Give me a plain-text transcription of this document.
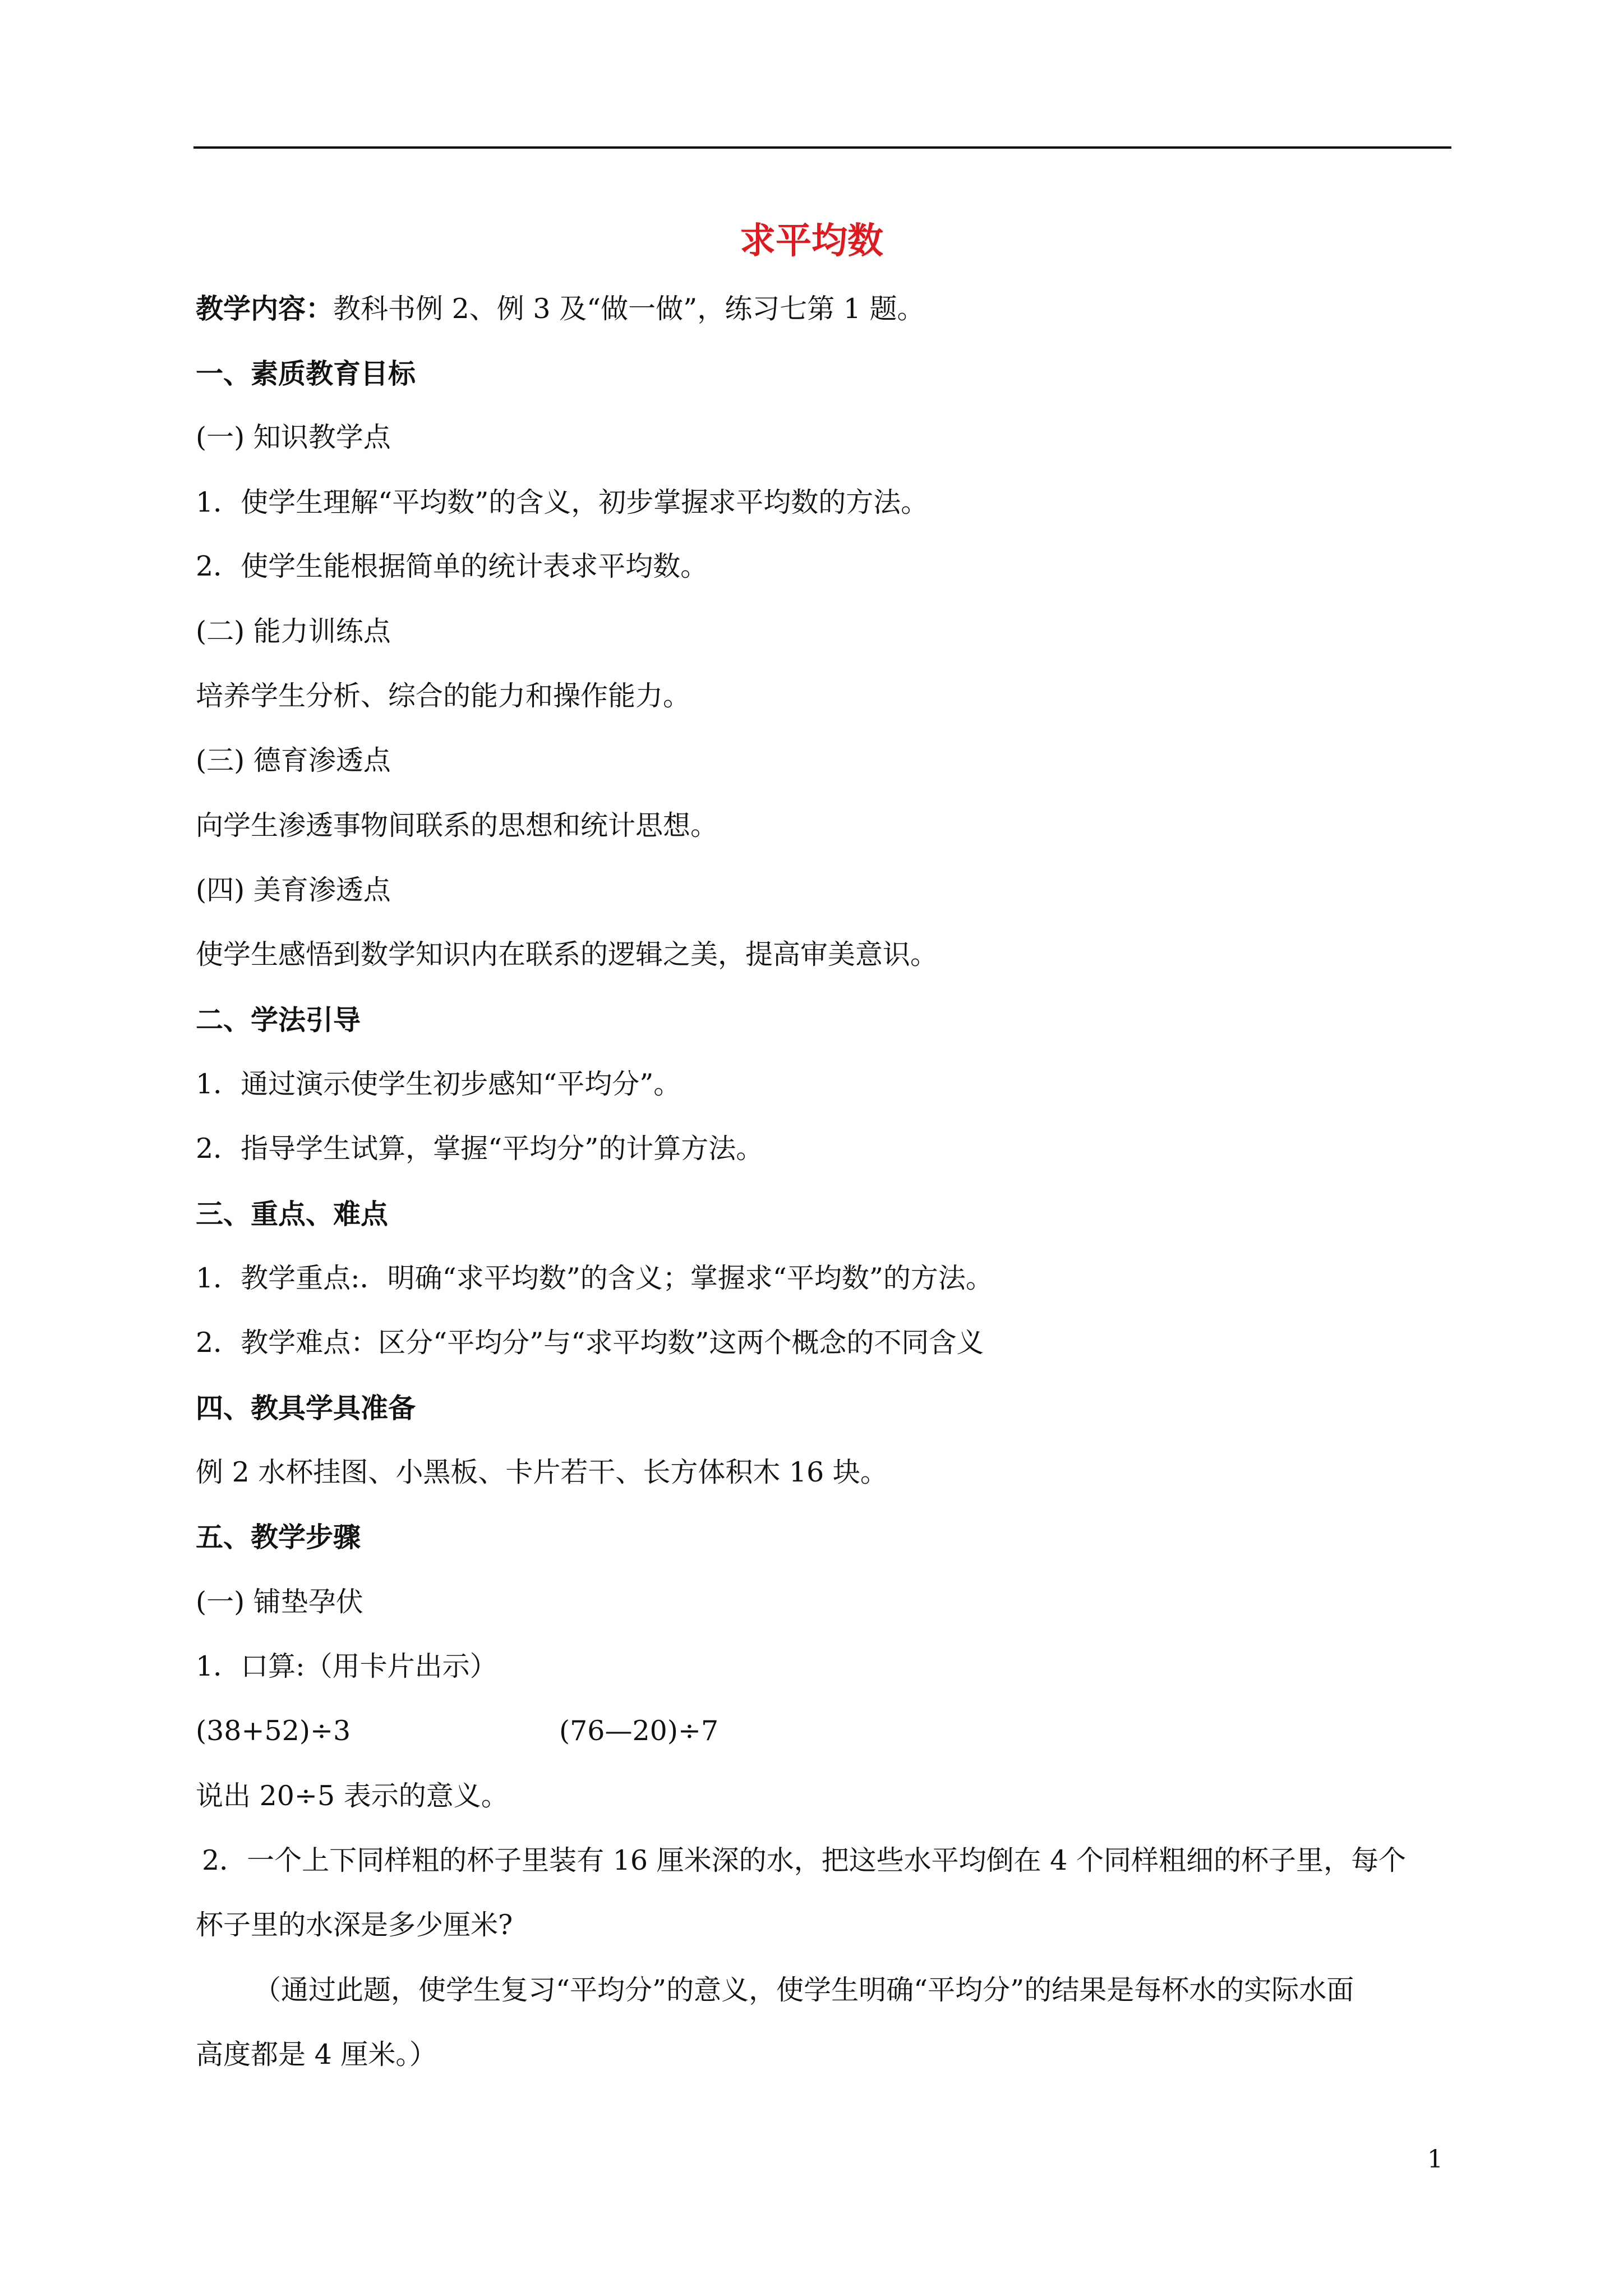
求平均数
教学内容：教科书例 2、例 3 及“做一做”，练习七第 1 题。
一、素质教育目标
(一) 知识教学点
1．使学生理解“平均数”的含义，初步掌握求平均数的方法。
2．使学生能根据简单的统计表求平均数。
(二) 能力训练点
培养学生分析、综合的能力和操作能力。
(三) 德育渗透点
向学生渗透事物间联系的思想和统计思想。
(四) 美育渗透点
使学生感悟到数学知识内在联系的逻辑之美，提高审美意识。
二、学法引导
1．通过演示使学生初步感知“平均分”。
2．指导学生试算，掌握“平均分”的计算方法。
三、重点、难点
1．教学重点:．明确“求平均数”的含义；掌握求“平均数”的方法。
2．教学难点：区分“平均分”与“求平均数”这两个概念的不同含义
四、教具学具准备
例 2 水杯挂图、小黑板、卡片若干、长方体积木 16 块。
五、教学步骤
(一) 铺垫孕伏
1．口算:（用卡片出示）
(38+52)÷3	(76—20)÷7
说出 20÷5 表示的意义。
2．一个上下同样粗的杯子里装有 16 厘米深的水，把这些水平均倒在 4 个同样粗细的杯子里，每个
杯子里的水深是多少厘米?
（通过此题，使学生复习“平均分”的意义，使学生明确“平均分”的结果是每杯水的实际水面
高度都是 4 厘米。）
1
